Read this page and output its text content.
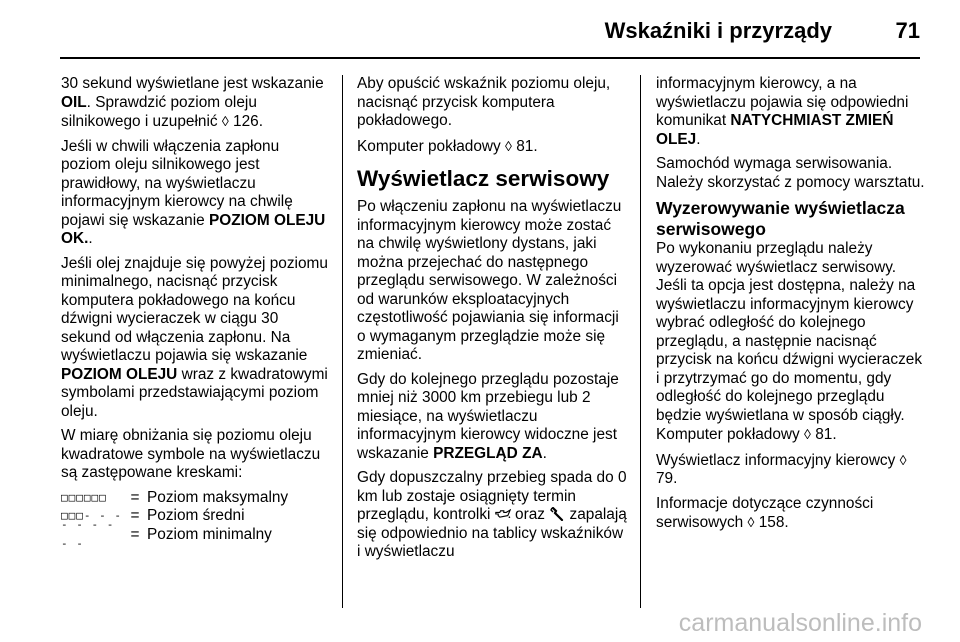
Wskaźniki i przyrządy	71

30 sekund wyświetlane jest wskazanie OIL. Sprawdzić poziom oleju silnikowego i uzupełnić ◊ 126.

Jeśli w chwili włączenia zapłonu poziom oleju silnikowego jest prawidłowy, na wyświetlaczu informacyjnym kierowcy na chwilę pojawi się wskazanie POZIOM OLEJU OK..

Jeśli olej znajduje się powyżej poziomu minimalnego, nacisnąć przycisk komputera pokładowego na końcu dźwigni wycieraczek w ciągu 30 sekund od włączenia zapłonu. Na wyświetlaczu pojawia się wskazanie POZIOM OLEJU wraz z kwadratowymi symbolami przedstawiającymi poziom oleju.

W miarę obniżania się poziomu oleju kwadratowe symbole na wyświetlaczu są zastępowane kreskami:

□□□□□□	= Poziom maksymalny
□□□- - - = Poziom średni
- - - - - -
= Poziom minimalny

Aby opuścić wskaźnik poziomu oleju, nacisnąć przycisk komputera pokładowego.

Komputer pokładowy ◊ 81.

Wyświetlacz serwisowy

Po włączeniu zapłonu na wyświetlaczu informacyjnym kierowcy może zostać na chwilę wyświetlony dystans, jaki można przejechać do następnego przeglądu serwisowego. W zależności od warunków eksploatacyjnych częstotliwość pojawiania się informacji o wymaganym przeglądzie może się zmieniać.

Gdy do kolejnego przeglądu pozostaje mniej niż 3000 km przebiegu lub 2 miesiące, na wyświetlaczu informacyjnym kierowcy widoczne jest wskazanie PRZEGLĄD ZA.

Gdy dopuszczalny przebieg spada do 0 km lub zostaje osiągnięty termin przeglądu, kontrolki  oraz  zapalają się odpowiednio na tablicy wskaźników i wyświetlaczu

informacyjnym kierowcy, a na wyświetlaczu pojawia się odpowiedni komunikat NATYCHMIAST ZMIEŃ OLEJ.

Samochód wymaga serwisowania. Należy skorzystać z pomocy warsztatu.

Wyzerowywanie wyświetlacza serwisowego

Po wykonaniu przeglądu należy wyzerować wyświetlacz serwisowy. Jeśli ta opcja jest dostępna, należy na wyświetlaczu informacyjnym kierowcy wybrać odległość do kolejnego przeglądu, a następnie nacisnąć przycisk na końcu dźwigni wycieraczek i przytrzymać go do momentu, gdy odległość do kolejnego przeglądu będzie wyświetlana w sposób ciągły. Komputer pokładowy ◊ 81.

Wyświetlacz informacyjny kierowcy ◊ 79.

Informacje dotyczące czynności serwisowych ◊ 158.

carmanualsonline.info
